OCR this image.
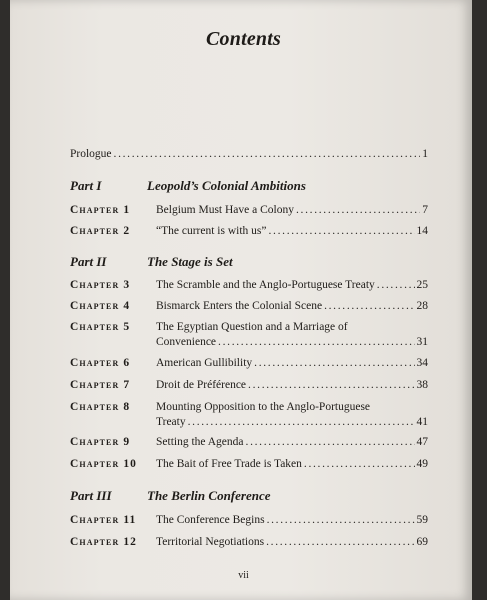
Contents
Prologue . . .	1
Part I	Leopold’s Colonial Ambitions
Chapter 1 Belgium Must Have a Colony . . .	7
Chapter 2 “The current is with us” . . .	14
Part II	The Stage is Set
Chapter 3 The Scramble and the Anglo-Portuguese Treaty . . .	25
Chapter 4 Bismarck Enters the Colonial Scene . . .	28
Chapter 5 The Egyptian Question and a Marriage of
Convenience . . .	31
Chapter 6 American Gullibility . . .	34
Chapter 7 Droit de Préférence . . .	38
Chapter 8 Mounting Opposition to the Anglo-Portuguese
Treaty . . .	41
Chapter 9 Setting the Agenda . . .	47
Chapter 10 The Bait of Free Trade is Taken . . .	49
Part III	The Berlin Conference
Chapter 11 The Conference Begins . . .	59
Chapter 12 Territorial Negotiations . . .	69
vii
